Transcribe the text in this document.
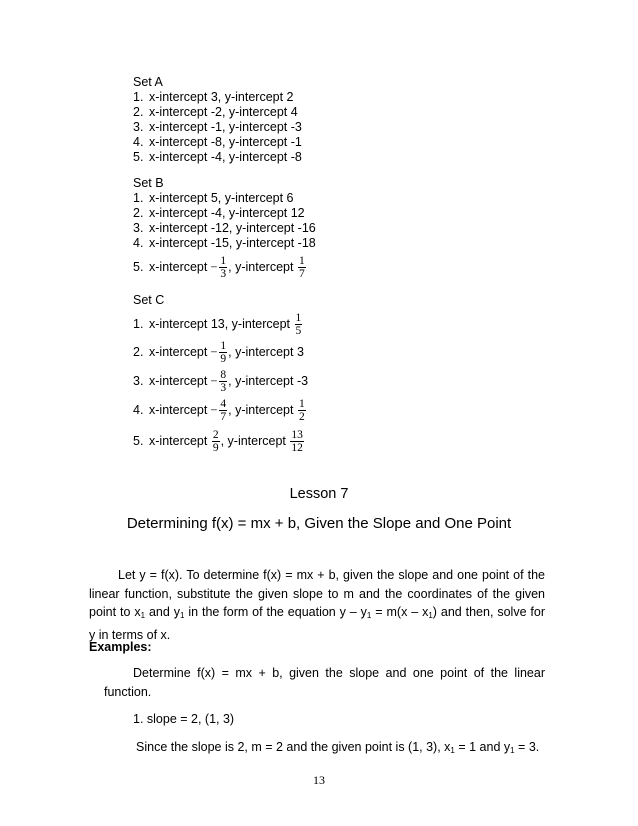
Set A
1. x-intercept 3, y-intercept 2
2. x-intercept -2, y-intercept 4
3. x-intercept -1, y-intercept -3
4. x-intercept -8, y-intercept -1
5. x-intercept -4, y-intercept -8
Set B
1. x-intercept 5, y-intercept 6
2. x-intercept -4, y-intercept 12
3. x-intercept -12, y-intercept -16
4. x-intercept -15, y-intercept -18
5. x-intercept − $\frac{1}{3}$ , y-intercept $\frac{1}{7}$
Set C
1. x-intercept 13, y-intercept $\frac{1}{5}$
2. x-intercept − $\frac{1}{9}$ , y-intercept 3
3. x-intercept − $\frac{8}{3}$ , y-intercept -3
4. x-intercept − $\frac{4}{7}$ , y-intercept $\frac{1}{2}$
5. x-intercept $\frac{2}{9}$ , y-intercept $\frac{13}{12}$
Lesson 7
Determining f(x) = mx + b, Given the Slope and One Point
Let y = f(x). To determine f(x) = mx + b, given the slope and one point of the linear function, substitute the given slope to m and the coordinates of the given point to $x_1$ and $y_1$ in the form of the equation $y - y_1 = m(x - x_1)$ and then, solve for y in terms of x.
Examples:
Determine f(x) = mx + b, given the slope and one point of the linear function.
1. slope = 2, (1, 3)
Since the slope is 2, m = 2 and the given point is (1, 3), $x_1 = 1$ and $y_1 = 3$.
13
